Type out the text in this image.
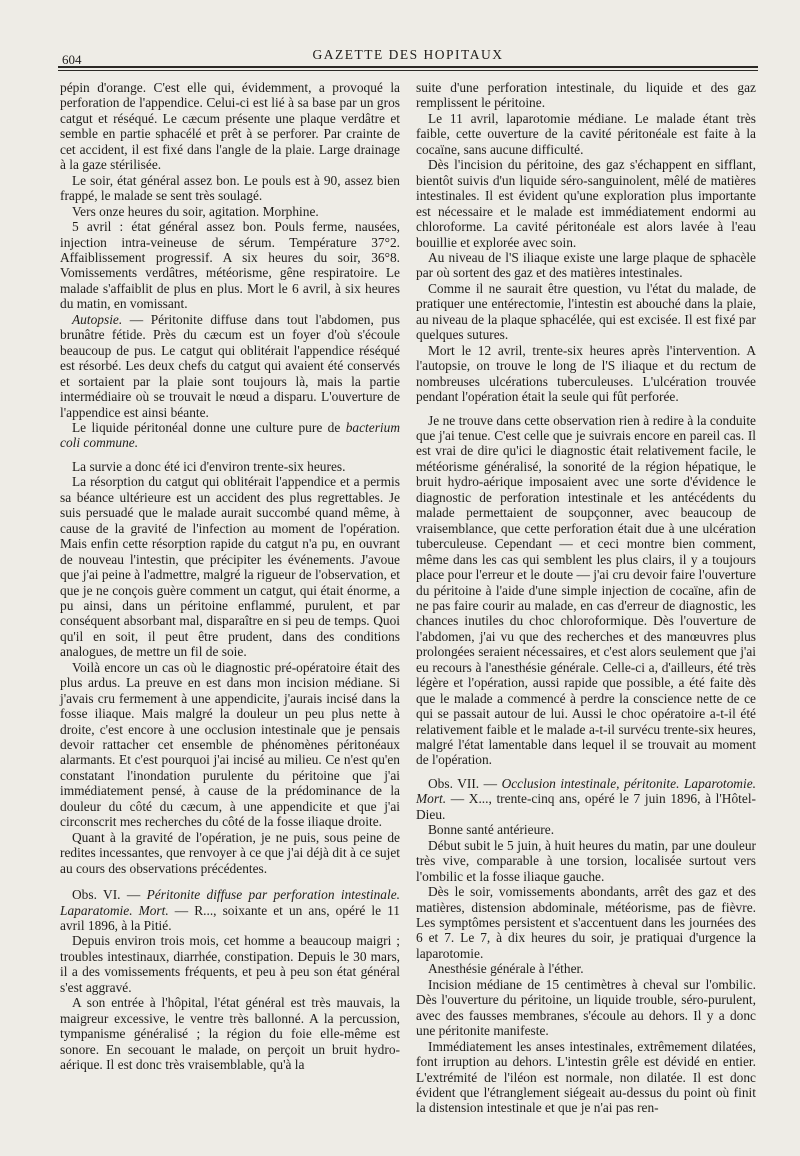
604	GAZETTE DES HOPITAUX

pépin d'orange. C'est elle qui, évidemment, a provoqué la perforation de l'appendice. Celui-ci est lié à sa base par un gros catgut et réséqué. Le cæcum présente une plaque verdâtre et semble en partie sphacélé et prêt à se perforer. Par crainte de cet accident, il est fixé dans l'angle de la plaie. Large drainage à la gaze stérilisée.

Le soir, état général assez bon. Le pouls est à 90, assez bien frappé, le malade se sent très soulagé.

Vers onze heures du soir, agitation. Morphine.

5 avril : état général assez bon. Pouls ferme, nausées, injection intra-veineuse de sérum. Température 37°2. Affaiblissement progressif. A six heures du soir, 36°8. Vomissements verdâtres, météorisme, gêne respiratoire. Le malade s'affaiblit de plus en plus. Mort le 6 avril, à six heures du matin, en vomissant.

Autopsie. — Péritonite diffuse dans tout l'abdomen, pus brunâtre fétide. Près du cæcum est un foyer d'où s'écoule beaucoup de pus. Le catgut qui oblitérait l'appendice réséqué est résorbé. Les deux chefs du catgut qui avaient été conservés et sortaient par la plaie sont toujours là, mais la partie intermédiaire où se trouvait le nœud a disparu. L'ouverture de l'appendice est ainsi béante.

Le liquide péritonéal donne une culture pure de bacterium coli commune.

La survie a donc été ici d'environ trente-six heures.

La résorption du catgut qui oblitérait l'appendice et a permis sa béance ultérieure est un accident des plus regrettables. Je suis persuadé que le malade aurait succombé quand même, à cause de la gravité de l'infection au moment de l'opération. Mais enfin cette résorption rapide du catgut n'a pu, en ouvrant de nouveau l'intestin, que précipiter les événements. J'avoue que j'ai peine à l'admettre, malgré la rigueur de l'observation, et que je ne conçois guère comment un catgut, qui était énorme, a pu ainsi, dans un péritoine enflammé, purulent, et par conséquent absorbant mal, disparaître en si peu de temps. Quoi qu'il en soit, il peut être prudent, dans des conditions analogues, de mettre un fil de soie.

Voilà encore un cas où le diagnostic pré-opératoire était des plus ardus. La preuve en est dans mon incision médiane. Si j'avais cru fermement à une appendicite, j'aurais incisé dans la fosse iliaque. Mais malgré la douleur un peu plus nette à droite, c'est encore à une occlusion intestinale que je pensais devoir rattacher cet ensemble de phénomènes péritonéaux alarmants. Et c'est pourquoi j'ai incisé au milieu. Ce n'est qu'en constatant l'inondation purulente du péritoine que j'ai immédiatement pensé, à cause de la prédominance de la douleur du côté du cæcum, à une appendicite et que j'ai circonscrit mes recherches du côté de la fosse iliaque droite.

Quant à la gravité de l'opération, je ne puis, sous peine de redites incessantes, que renvoyer à ce que j'ai déjà dit à ce sujet au cours des observations précédentes.

Obs. VI. — Péritonite diffuse par perforation intestinale. Laparatomie. Mort. — R..., soixante et un ans, opéré le 11 avril 1896, à la Pitié.

Depuis environ trois mois, cet homme a beaucoup maigri ; troubles intestinaux, diarrhée, constipation. Depuis le 30 mars, il a des vomissements fréquents, et peu à peu son état général s'est aggravé.

A son entrée à l'hôpital, l'état général est très mauvais, la maigreur excessive, le ventre très ballonné. A la percussion, tympanisme généralisé ; la région du foie elle-même est sonore. En secouant le malade, on perçoit un bruit hydro-aérique. Il est donc très vraisemblable, qu'à la

suite d'une perforation intestinale, du liquide et des gaz remplissent le péritoine.

Le 11 avril, laparotomie médiane. Le malade étant très faible, cette ouverture de la cavité péritonéale est faite à la cocaïne, sans aucune difficulté.

Dès l'incision du péritoine, des gaz s'échappent en sifflant, bientôt suivis d'un liquide séro-sanguinolent, mêlé de matières intestinales. Il est évident qu'une exploration plus importante est nécessaire et le malade est immédiatement endormi au chloroforme. La cavité péritonéale est alors lavée à l'eau bouillie et explorée avec soin.

Au niveau de l'S iliaque existe une large plaque de sphacèle par où sortent des gaz et des matières intestinales.

Comme il ne saurait être question, vu l'état du malade, de pratiquer une entérectomie, l'intestin est abouché dans la plaie, au niveau de la plaque sphacélée, qui est excisée. Il est fixé par quelques sutures.

Mort le 12 avril, trente-six heures après l'intervention. A l'autopsie, on trouve le long de l'S iliaque et du rectum de nombreuses ulcérations tuberculeuses. L'ulcération trouvée pendant l'opération était la seule qui fût perforée.

Je ne trouve dans cette observation rien à redire à la conduite que j'ai tenue. C'est celle que je suivrais encore en pareil cas. Il est vrai de dire qu'ici le diagnostic était relativement facile, le météorisme généralisé, la sonorité de la région hépatique, le bruit hydro-aérique imposaient avec une sorte d'évidence le diagnostic de perforation intestinale et les antécédents du malade permettaient de soupçonner, avec beaucoup de vraisemblance, que cette perforation était due à une ulcération tuberculeuse. Cependant — et ceci montre bien comment, même dans les cas qui semblent les plus clairs, il y a toujours place pour l'erreur et le doute — j'ai cru devoir faire l'ouverture du péritoine à l'aide d'une simple injection de cocaïne, afin de ne pas faire courir au malade, en cas d'erreur de diagnostic, les chances inutiles du choc chloroformique. Dès l'ouverture de l'abdomen, j'ai vu que des recherches et des manœuvres plus prolongées seraient nécessaires, et c'est alors seulement que j'ai eu recours à l'anesthésie générale. Celle-ci a, d'ailleurs, été très légère et l'opération, aussi rapide que possible, a été faite dès que le malade a commencé à perdre la conscience nette de ce qui se passait autour de lui. Aussi le choc opératoire a-t-il été relativement faible et le malade a-t-il survécu trente-six heures, malgré l'état lamentable dans lequel il se trouvait au moment de l'opération.

Obs. VII. — Occlusion intestinale, péritonite. Laparotomie. Mort. — X..., trente-cinq ans, opéré le 7 juin 1896, à l'Hôtel-Dieu.

Bonne santé antérieure.

Début subit le 5 juin, à huit heures du matin, par une douleur très vive, comparable à une torsion, localisée surtout vers l'ombilic et la fosse iliaque gauche.

Dès le soir, vomissements abondants, arrêt des gaz et des matières, distension abdominale, météorisme, pas de fièvre. Les symptômes persistent et s'accentuent dans les journées des 6 et 7. Le 7, à dix heures du soir, je pratiquai d'urgence la laparotomie.

Anesthésie générale à l'éther.

Incision médiane de 15 centimètres à cheval sur l'ombilic. Dès l'ouverture du péritoine, un liquide trouble, séro-purulent, avec des fausses membranes, s'écoule au dehors. Il y a donc une péritonite manifeste.

Immédiatement les anses intestinales, extrêmement dilatées, font irruption au dehors. L'intestin grêle est dévidé en entier. L'extrémité de l'iléon est normale, non dilatée. Il est donc évident que l'étranglement siégeait au-dessus du point où finit la distension intestinale et que je n'ai pas ren-
